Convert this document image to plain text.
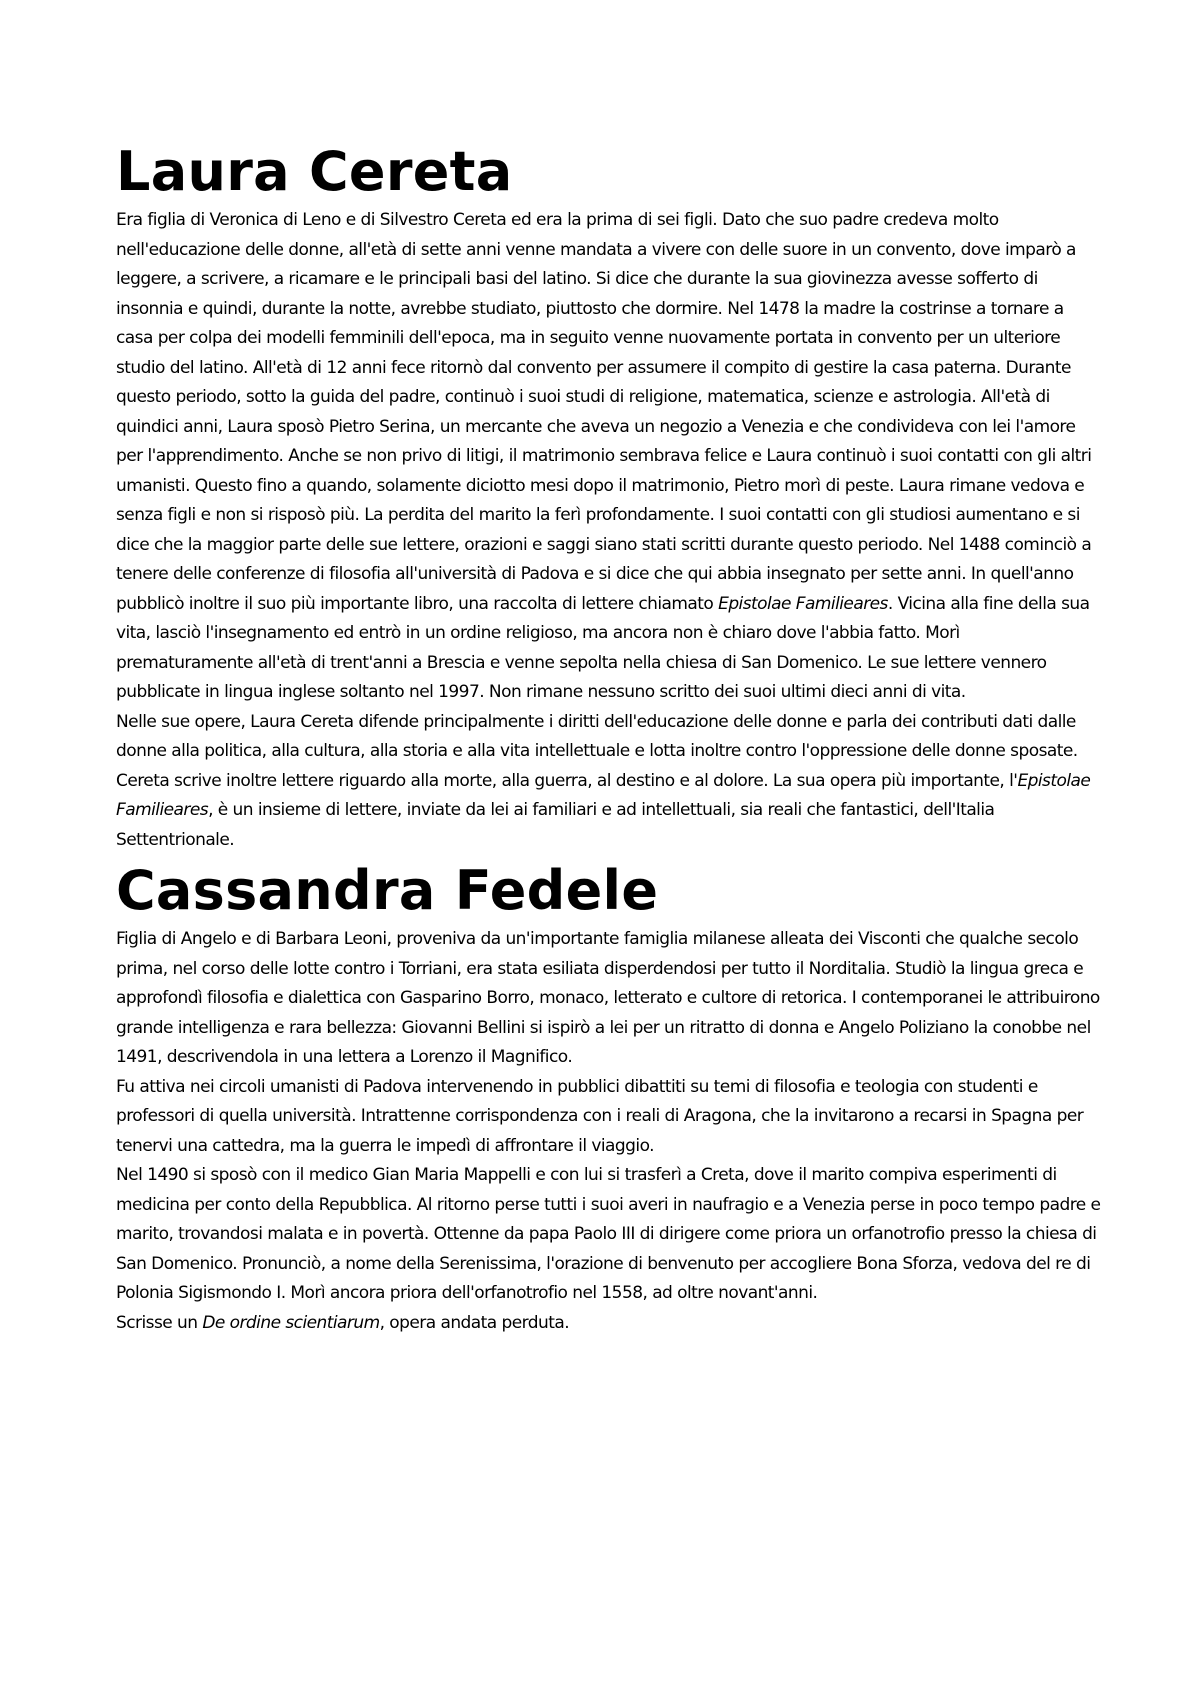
Laura Cereta

Era figlia di Veronica di Leno e di Silvestro Cereta ed era la prima di sei figli. Dato che suo padre credeva molto nell'educazione delle donne, all'età di sette anni venne mandata a vivere con delle suore in un convento, dove imparò a leggere, a scrivere, a ricamare e le principali basi del latino. Si dice che durante la sua giovinezza avesse sofferto di insonnia e quindi, durante la notte, avrebbe studiato, piuttosto che dormire. Nel 1478 la madre la costrinse a tornare a casa per colpa dei modelli femminili dell'epoca, ma in seguito venne nuovamente portata in convento per un ulteriore studio del latino. All'età di 12 anni fece ritornò dal convento per assumere il compito di gestire la casa paterna. Durante questo periodo, sotto la guida del padre, continuò i suoi studi di religione, matematica, scienze e astrologia. All'età di quindici anni, Laura sposò Pietro Serina, un mercante che aveva un negozio a Venezia e che condivideva con lei l'amore per l'apprendimento. Anche se non privo di litigi, il matrimonio sembrava felice e Laura continuò i suoi contatti con gli altri umanisti. Questo fino a quando, solamente diciotto mesi dopo il matrimonio, Pietro morì di peste. Laura rimane vedova e senza figli e non si risposò più. La perdita del marito la ferì profondamente. I suoi contatti con gli studiosi aumentano e si dice che la maggior parte delle sue lettere, orazioni e saggi siano stati scritti durante questo periodo. Nel 1488 cominciò a tenere delle conferenze di filosofia all'università di Padova e si dice che qui abbia insegnato per sette anni. In quell'anno pubblicò inoltre il suo più importante libro, una raccolta di lettere chiamato Epistolae Familieares. Vicina alla fine della sua vita, lasciò l'insegnamento ed entrò in un ordine religioso, ma ancora non è chiaro dove l'abbia fatto. Morì prematuramente all'età di trent'anni a Brescia e venne sepolta nella chiesa di San Domenico. Le sue lettere vennero pubblicate in lingua inglese soltanto nel 1997. Non rimane nessuno scritto dei suoi ultimi dieci anni di vita.

Nelle sue opere, Laura Cereta difende principalmente i diritti dell'educazione delle donne e parla dei contributi dati dalle donne alla politica, alla cultura, alla storia e alla vita intellettuale e lotta inoltre contro l'oppressione delle donne sposate. Cereta scrive inoltre lettere riguardo alla morte, alla guerra, al destino e al dolore. La sua opera più importante, l'Epistolae Familieares, è un insieme di lettere, inviate da lei ai familiari e ad intellettuali, sia reali che fantastici, dell'Italia Settentrionale.

Cassandra Fedele

Figlia di Angelo e di Barbara Leoni, proveniva da un'importante famiglia milanese alleata dei Visconti che qualche secolo prima, nel corso delle lotte contro i Torriani, era stata esiliata disperdendosi per tutto il Norditalia. Studiò la lingua greca e approfondì filosofia e dialettica con Gasparino Borro, monaco, letterato e cultore di retorica. I contemporanei le attribuirono grande intelligenza e rara bellezza: Giovanni Bellini si ispirò a lei per un ritratto di donna e Angelo Poliziano la conobbe nel 1491, descrivendola in una lettera a Lorenzo il Magnifico.

Fu attiva nei circoli umanisti di Padova intervenendo in pubblici dibattiti su temi di filosofia e teologia con studenti e professori di quella università. Intrattenne corrispondenza con i reali di Aragona, che la invitarono a recarsi in Spagna per tenervi una cattedra, ma la guerra le impedì di affrontare il viaggio.

Nel 1490 si sposò con il medico Gian Maria Mappelli e con lui si trasferì a Creta, dove il marito compiva esperimenti di medicina per conto della Repubblica. Al ritorno perse tutti i suoi averi in naufragio e a Venezia perse in poco tempo padre e marito, trovandosi malata e in povertà. Ottenne da papa Paolo III di dirigere come priora un orfanotrofio presso la chiesa di San Domenico. Pronunciò, a nome della Serenissima, l'orazione di benvenuto per accogliere Bona Sforza, vedova del re di Polonia Sigismondo I. Morì ancora priora dell'orfanotrofio nel 1558, ad oltre novant'anni.

Scrisse un De ordine scientiarum, opera andata perduta.
